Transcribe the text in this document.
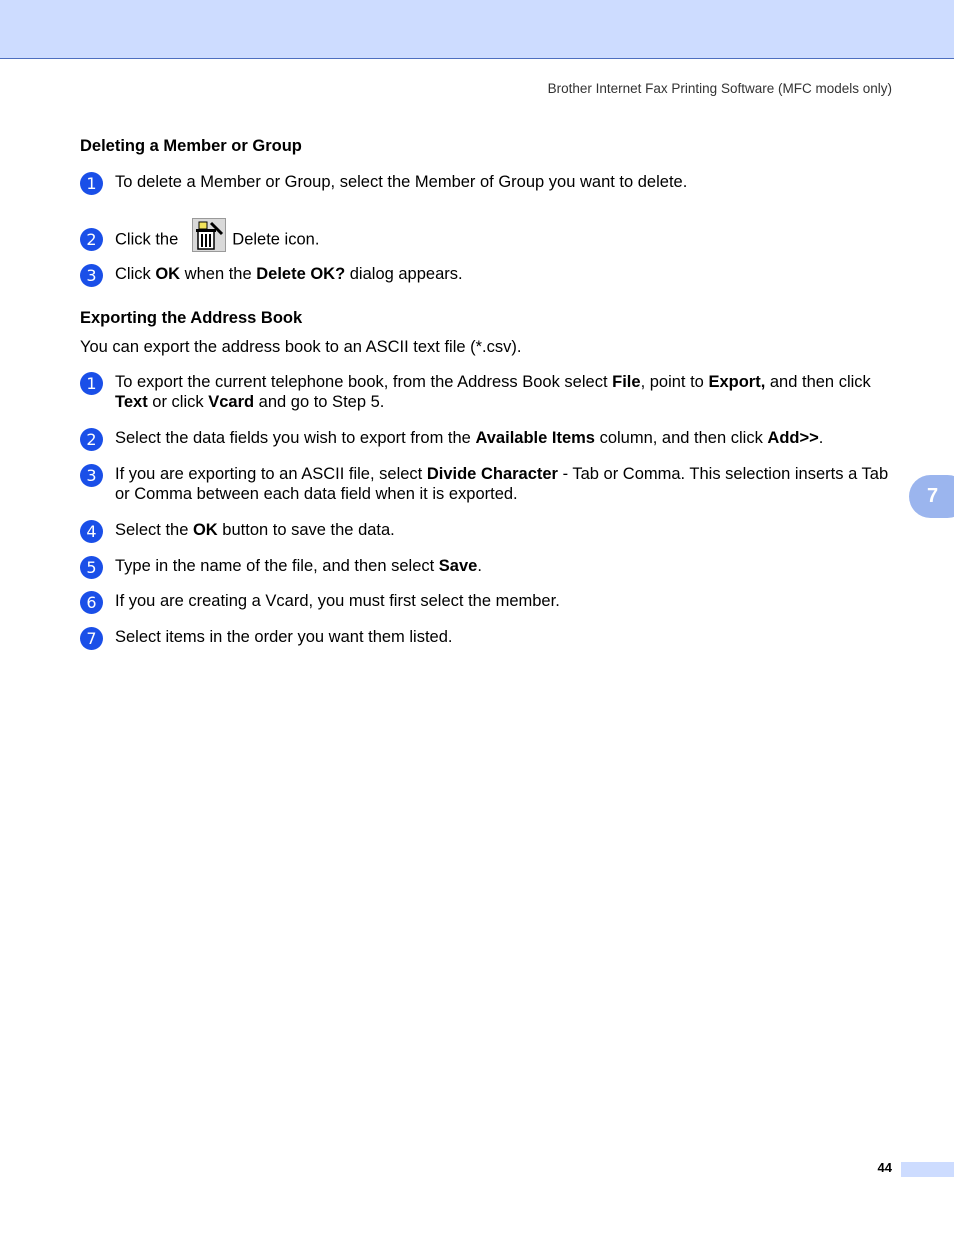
Brother Internet Fax Printing Software (MFC models only)
Deleting a Member or Group
1	To delete a Member or Group, select the Member of Group you want to delete.
2	Click the	Delete icon.
3	Click OK when the Delete OK? dialog appears.
Exporting the Address Book
You can export the address book to an ASCII text file (*.csv).
1	To export the current telephone book, from the Address Book select File, point to Export, and then click Text or click Vcard and go to Step 5.
2	Select the data fields you wish to export from the Available Items column, and then click Add>>.
3	If you are exporting to an ASCII file, select Divide Character - Tab or Comma. This selection inserts a Tab or Comma between each data field when it is exported.
4	Select the OK button to save the data.
5	Type in the name of the file, and then select Save.
6	If you are creating a Vcard, you must first select the member.
7	Select items in the order you want them listed.
7
44
